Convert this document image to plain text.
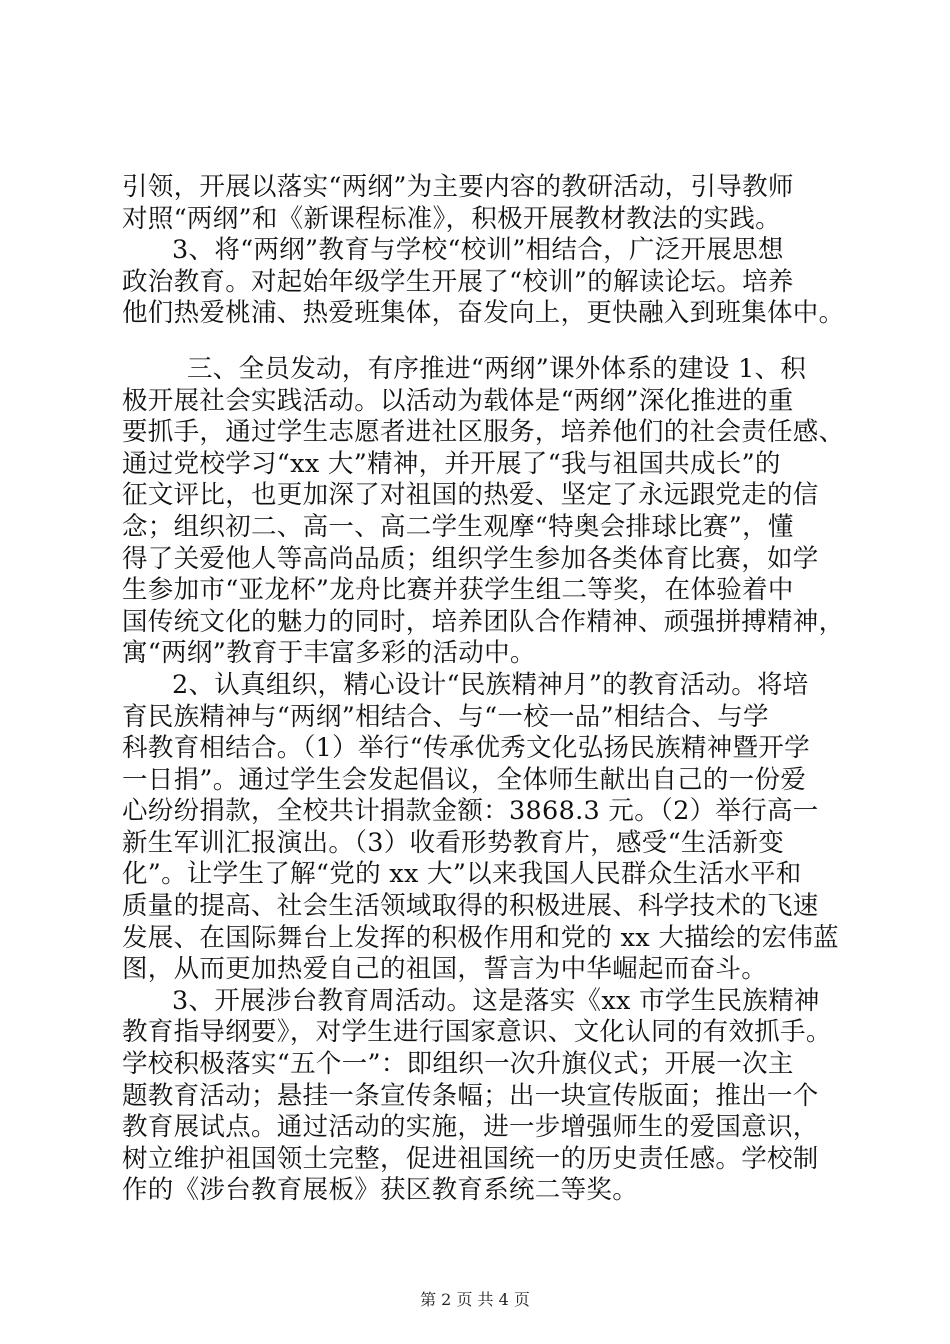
引领，开展以落实“两纲”为主要内容的教研活动，引导教师
对照“两纲”和《新课程标准》，积极开展教材教法的实践。
3、将“两纲”教育与学校“校训”相结合，广泛开展思想
政治教育。对起始年级学生开展了“校训”的解读论坛。培养
他们热爱桃浦、热爱班集体，奋发向上，更快融入到班集体中。
三、全员发动，有序推进“两纲”课外体系的建设 1、积
极开展社会实践活动。以活动为载体是“两纲”深化推进的重
要抓手，通过学生志愿者进社区服务，培养他们的社会责任感、
通过党校学习“xx 大”精神，并开展了“我与祖国共成长”的
征文评比，也更加深了对祖国的热爱、坚定了永远跟党走的信
念；组织初二、高一、高二学生观摩“特奥会排球比赛”，懂
得了关爱他人等高尚品质；组织学生参加各类体育比赛，如学
生参加市“亚龙杯”龙舟比赛并获学生组二等奖，在体验着中
国传统文化的魅力的同时，培养团队合作精神、顽强拼搏精神，
寓“两纲”教育于丰富多彩的活动中。
2、认真组织，精心设计“民族精神月”的教育活动。将培
育民族精神与“两纲”相结合、与“一校一品”相结合、与学
科教育相结合。（1）举行“传承优秀文化弘扬民族精神暨开学
一日捐”。通过学生会发起倡议，全体师生献出自己的一份爱
心纷纷捐款，全校共计捐款金额：3868.3 元。（2）举行高一
新生军训汇报演出。（3）收看形势教育片，感受“生活新变
化”。让学生了解“党的 xx 大”以来我国人民群众生活水平和
质量的提高、社会生活领域取得的积极进展、科学技术的飞速
发展、在国际舞台上发挥的积极作用和党的 xx 大描绘的宏伟蓝
图，从而更加热爱自己的祖国，誓言为中华崛起而奋斗。
3、开展涉台教育周活动。这是落实《xx 市学生民族精神
教育指导纲要》，对学生进行国家意识、文化认同的有效抓手。
学校积极落实“五个一”：即组织一次升旗仪式；开展一次主
题教育活动；悬挂一条宣传条幅；出一块宣传版面；推出一个
教育展试点。通过活动的实施，进一步增强师生的爱国意识，
树立维护祖国领土完整，促进祖国统一的历史责任感。学校制
作的《涉台教育展板》获区教育系统二等奖。
第 2 页 共 4 页
